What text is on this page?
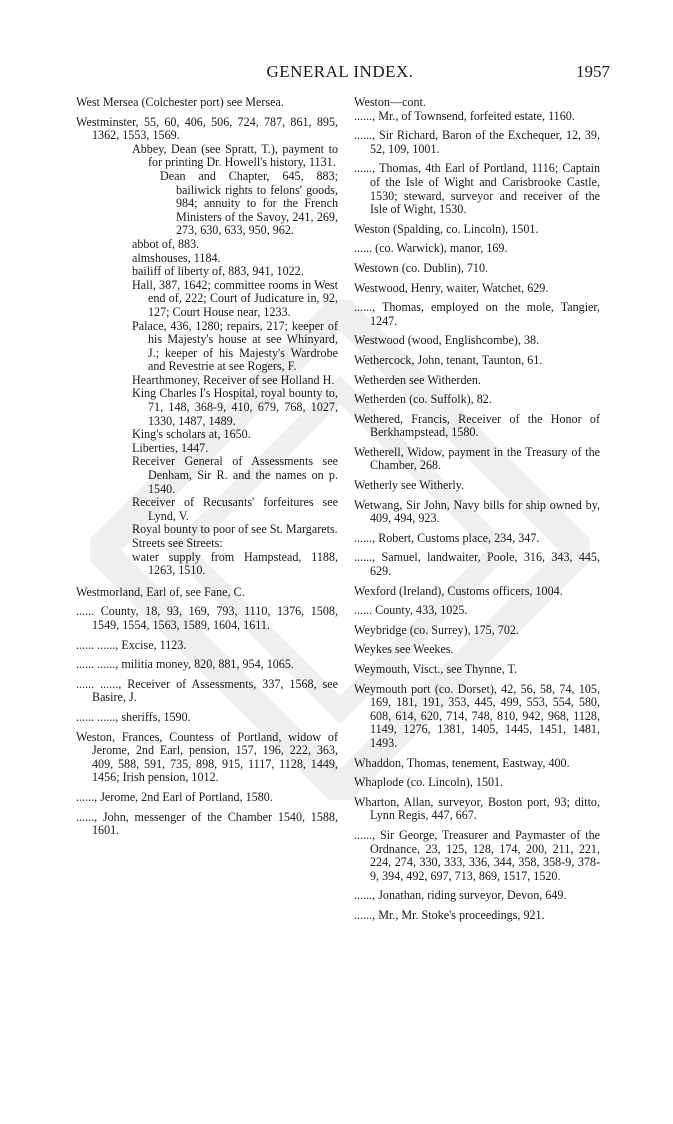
GENERAL INDEX.	1957

West Mersea (Colchester port) see Mersea.

Westminster, 55, 60, 406, 506, 724, 787, 861, 895, 1362, 1553, 1569.

Abbey, Dean (see Spratt, T.), payment to for printing Dr. Howell's history, 1131.

Dean and Chapter, 645, 883; bailiwick rights to felons' goods, 984; annuity to for the French Ministers of the Savoy, 241, 269, 273, 630, 633, 950, 962.

abbot of, 883.

almshouses, 1184.

bailiff of liberty of, 883, 941, 1022.

Hall, 387, 1642; committee rooms in West end of, 222; Court of Judicature in, 92, 127; Court House near, 1233.

Palace, 436, 1280; repairs, 217; keeper of his Majesty's house at see Whinyard, J.; keeper of his Majesty's Wardrobe and Revestrie at see Rogers, F.

Hearthmoney, Receiver of see Holland H.

King Charles I's Hospital, royal bounty to, 71, 148, 368-9, 410, 679, 768, 1027, 1330, 1487, 1489.

King's scholars at, 1650.

Liberties, 1447.

Receiver General of Assessments see Denham, Sir R. and the names on p. 1540.

Receiver of Recusants' forfeitures see Lynd, V.

Royal bounty to poor of see St. Margarets.

Streets see Streets:

water supply from Hampstead, 1188, 1263, 1510.

Westmorland, Earl of, see Fane, C.

...... County, 18, 93, 169, 793, 1110, 1376, 1508, 1549, 1554, 1563, 1589, 1604, 1611.

...... ......, Excise, 1123.

...... ......, militia money, 820, 881, 954, 1065.

...... ......, Receiver of Assessments, 337, 1568, see Basire, J.

...... ......, sheriffs, 1590.

Weston, Frances, Countess of Portland, widow of Jerome, 2nd Earl, pension, 157, 196, 222, 363, 409, 588, 591, 735, 898, 915, 1117, 1128, 1449, 1456; Irish pension, 1012.

......, Jerome, 2nd Earl of Portland, 1580.

......, John, messenger of the Chamber 1540, 1588, 1601.

Weston—cont.

......, Mr., of Townsend, forfeited estate, 1160.

......, Sir Richard, Baron of the Exchequer, 12, 39, 52, 109, 1001.

......, Thomas, 4th Earl of Portland, 1116; Captain of the Isle of Wight and Carisbrooke Castle, 1530; steward, surveyor and receiver of the Isle of Wight, 1530.

Weston (Spalding, co. Lincoln), 1501.

...... (co. Warwick), manor, 169.

Westown (co. Dublin), 710.

Westwood, Henry, waiter, Watchet, 629.

......, Thomas, employed on the mole, Tangier, 1247.

Westwood (wood, Englishcombe), 38.

Wethercock, John, tenant, Taunton, 61.

Wetherden see Witherden.

Wetherden (co. Suffolk), 82.

Wethered, Francis, Receiver of the Honor of Berkhampstead, 1580.

Wetherell, Widow, payment in the Treasury of the Chamber, 268.

Wetherly see Witherly.

Wetwang, Sir John, Navy bills for ship owned by, 409, 494, 923.

......, Robert, Customs place, 234, 347.

......, Samuel, landwaiter, Poole, 316, 343, 445, 629.

Wexford (Ireland), Customs officers, 1004.

...... County, 433, 1025.

Weybridge (co. Surrey), 175, 702.

Weykes see Weekes.

Weymouth, Visct., see Thynne, T.

Weymouth port (co. Dorset), 42, 56, 58, 74, 105, 169, 181, 191, 353, 445, 499, 553, 554, 580, 608, 614, 620, 714, 748, 810, 942, 968, 1128, 1149, 1276, 1381, 1405, 1445, 1451, 1481, 1493.

Whaddon, Thomas, tenement, Eastway, 400.

Whaplode (co. Lincoln), 1501.

Wharton, Allan, surveyor, Boston port, 93; ditto, Lynn Regis, 447, 667.

......, Sir George, Treasurer and Paymaster of the Ordnance, 23, 125, 128, 174, 200, 211, 221, 224, 274, 330, 333, 336, 344, 358, 358-9, 378-9, 394, 492, 697, 713, 869, 1517, 1520.

......, Jonathan, riding surveyor, Devon, 649.

......, Mr., Mr. Stoke's proceedings, 921.
